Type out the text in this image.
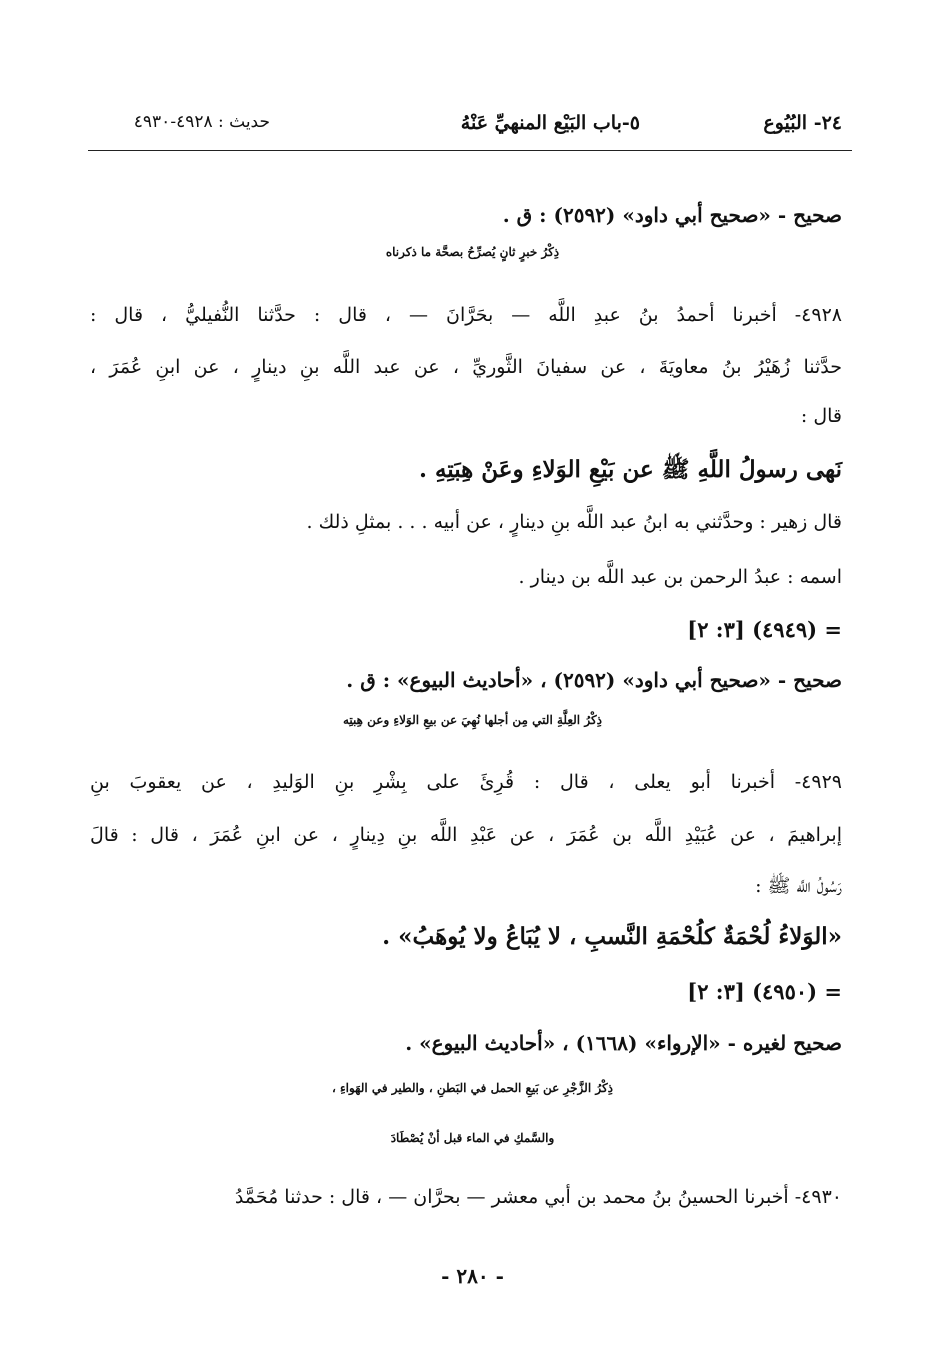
٢٤- البُيُوع
٥-باب البَيْع المنهيِّ عَنْهُ
حديث : ٤٩٢٨-٤٩٣٠
صحيح - «صحيح أبي داود» (٢٥٩٢) : ق .
ذِكْرُ خبرٍ ثانٍ يُصرِّحُ بصحَّة ما ذكرناه
٤٩٢٨- أخبرنا أحمدُ بنُ عبدِ اللَّه — بحَرَّانَ — ، قال : حدَّثنا النُّفيليُّ ، قال :
حدَّثنا زُهَيْرُ بنُ معاويَةَ ، عن سفيانَ الثَّوريِّ ، عن عبد اللَّه بنِ دينارٍ ، عن ابنِ عُمَرَ ،
قال :
نَهى رسولُ اللَّهِ ﷺ عن بَيْعِ الوَلاءِ وعَنْ هِبَتِهِ .
قال زهير : وحدَّثني به ابنُ عبد اللَّه بنِ دينارٍ ، عن أبيه . . . بمثلِ ذلك .
اسمه : عبدُ الرحمن بن عبد اللَّه بن دينار .
= (٤٩٤٩) [٣: ٢]
صحيح - «صحيح أبي داود» (٢٥٩٢) ، «أحاديث البيوع» : ق .
ذِكْرُ العِلَّةِ التي مِن أجلها نُهِيَ عن بيعِ الوَلاءِ وعن هِبتِه
٤٩٢٩- أخبرنا أبو يعلى ، قال : قُرِئَ على بِشْرِ بنِ الوَليدِ ، عن يعقوبَ بنِ
إبراهيمَ ، عن عُبَيْدِ اللَّه بن عُمَرَ ، عن عَبْدِ اللَّه بنِ دِينارٍ ، عن ابنِ عُمَرَ ، قال : قالَ
رَسُولُ اللَّه ﷺ :
«الوَلاءُ لُحْمَةٌ كلُحْمَةِ النَّسبِ ، لا يُبَاعُ ولا يُوهَبُ» .
= (٤٩٥٠) [٣: ٢]
صحيح لغيره - «الإرواء» (١٦٦٨) ، «أحاديث البيوع» .
ذِكْرُ الزَّجْرِ عن بَيعِ الحمل في البَطنِ ، والطير في الهَواءِ ،
والسَّمكِ في الماء قبل أنْ يُصْطَادَ
٤٩٣٠- أخبرنا الحسينُ بنُ محمد بن أبي معشر — بحرَّان — ، قال : حدثنا مُحَمَّدُ
- ٢٨٠ -
